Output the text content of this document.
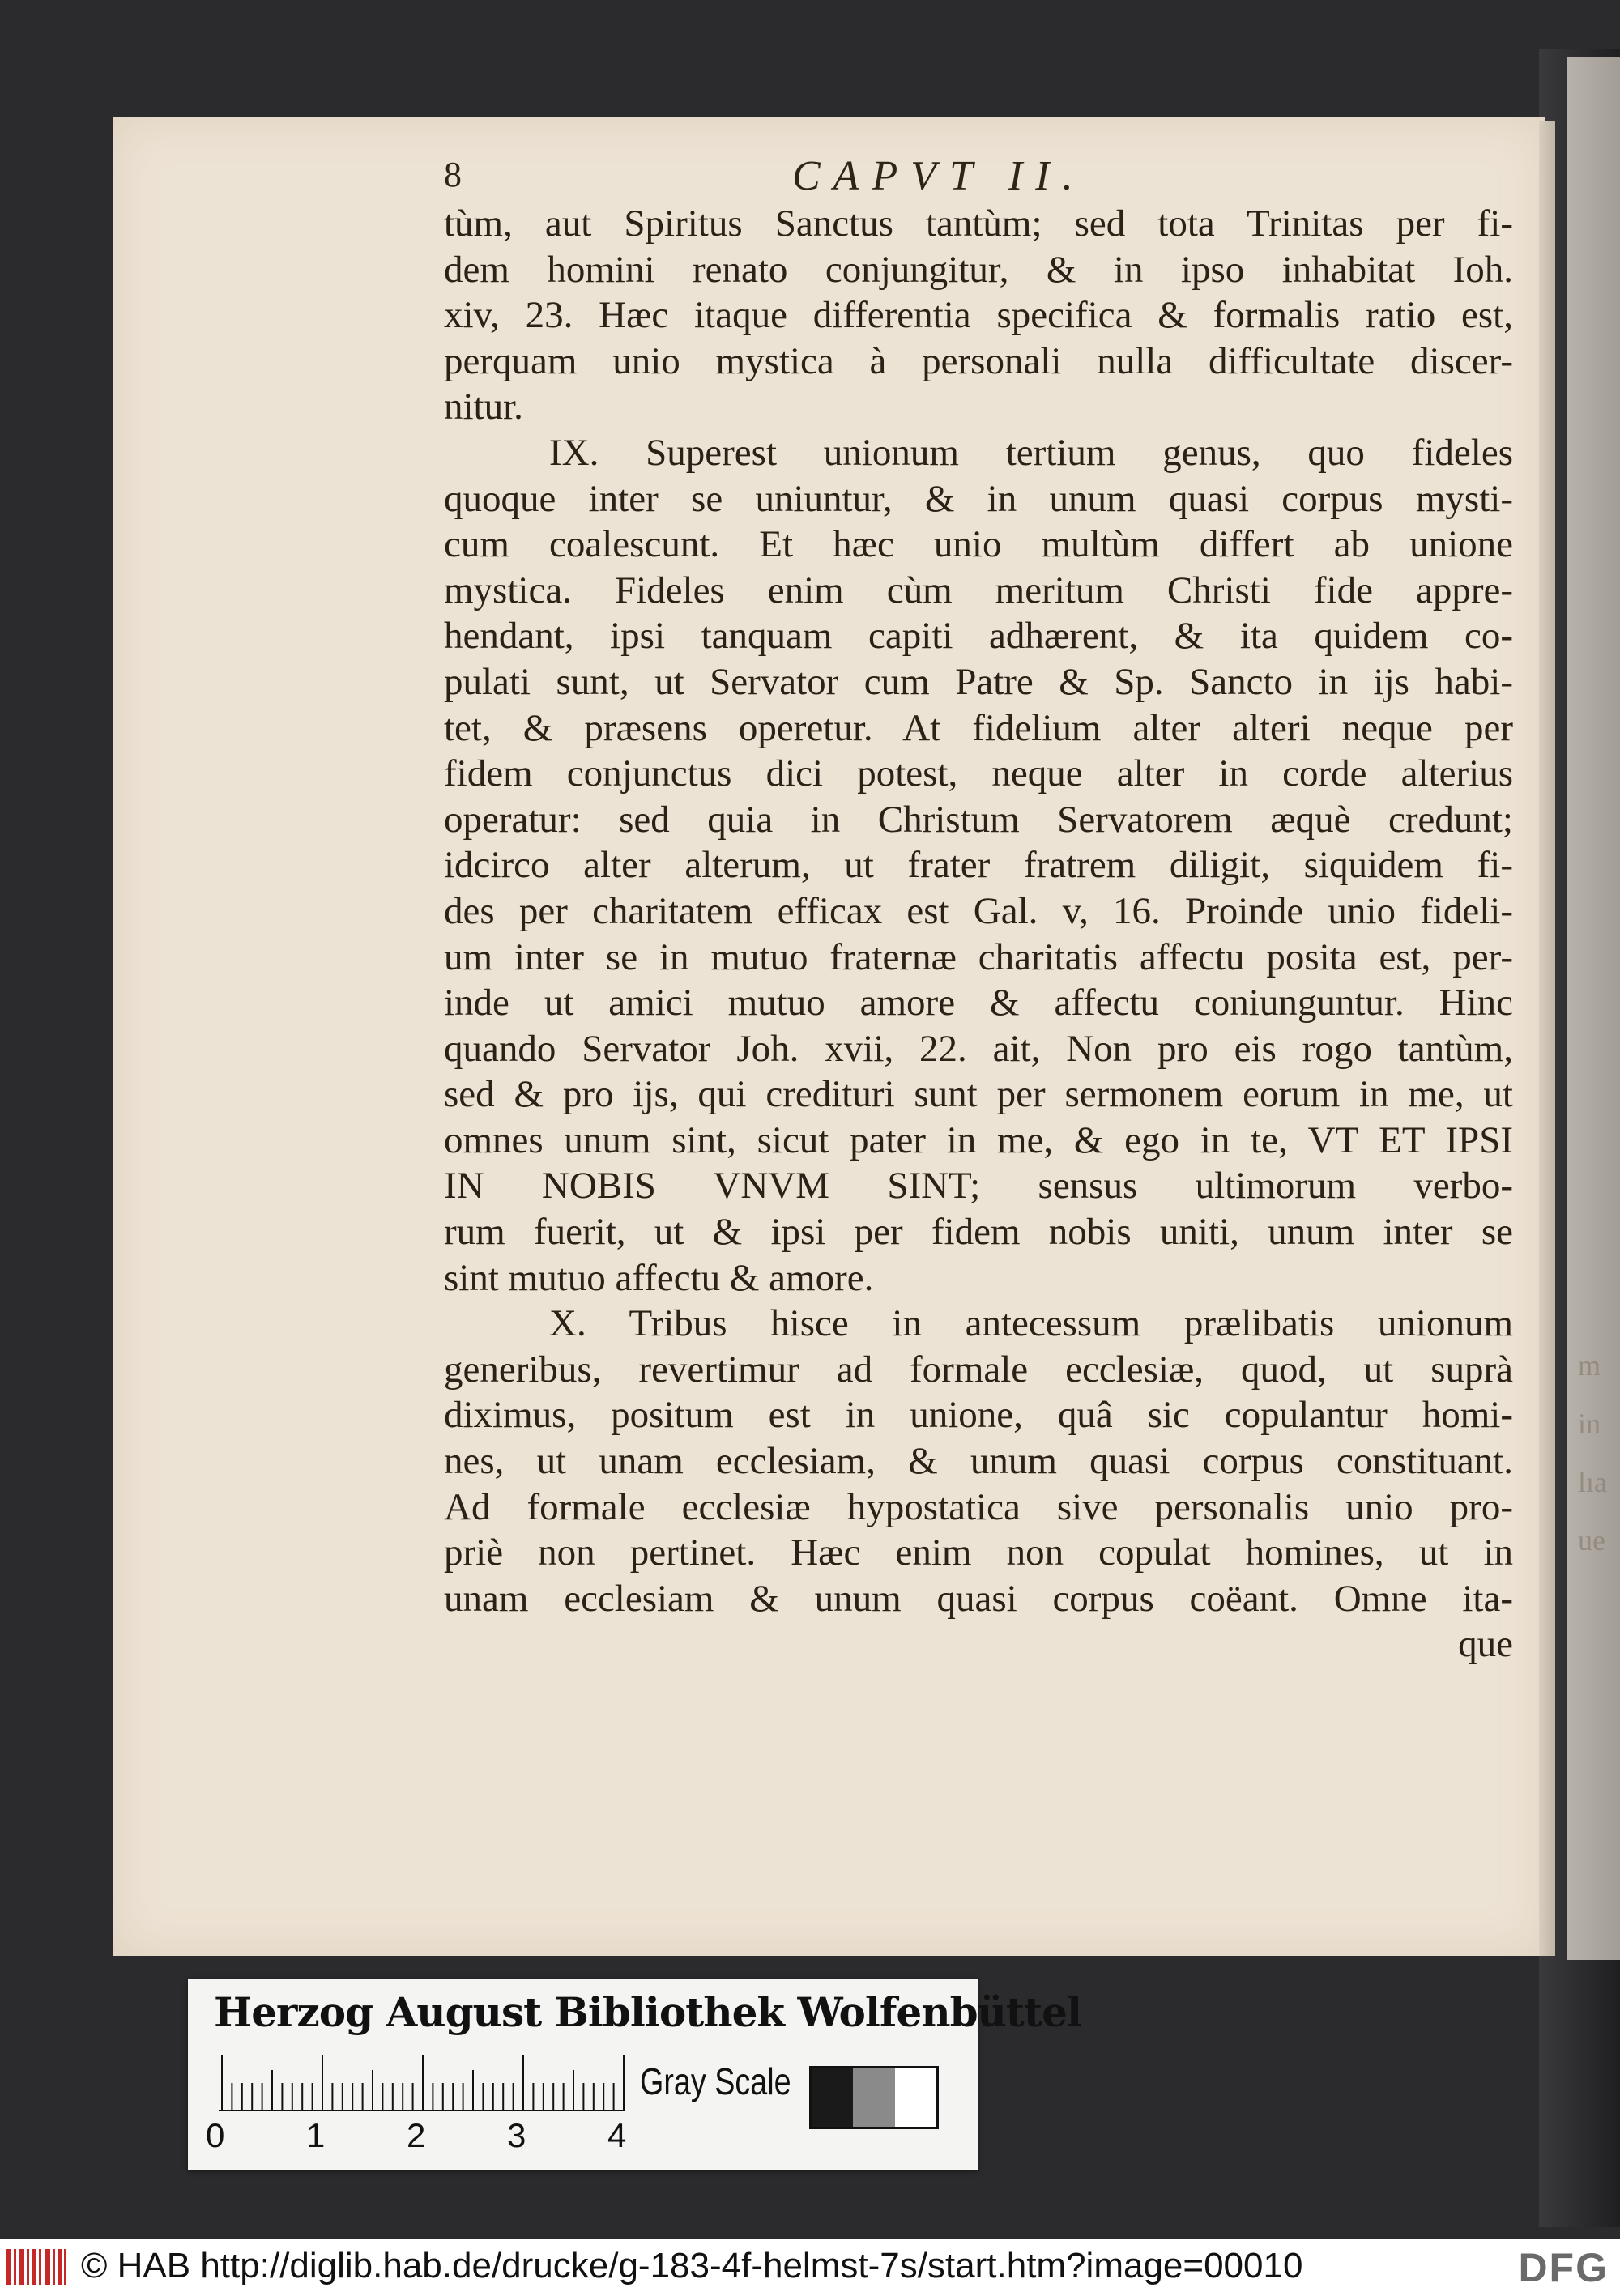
m
in
lıa
ue
8	CAPVT II.
tùm, aut Spiritus Sanctus tantùm; sed tota Trinitas per fi-
dem homini renato conjungitur, & in ipso inhabitat Ioh.
xiv, 23. Hæc itaque differentia specifica & formalis ratio est,
perquam unio mystica à personali nulla difficultate discer-
nitur.
IX. Superest unionum tertium genus, quo fideles
quoque inter se uniuntur, & in unum quasi corpus mysti-
cum coalescunt. Et hæc unio multùm differt ab unione
mystica. Fideles enim cùm meritum Christi fide appre-
hendant, ipsi tanquam capiti adhærent, & ita quidem co-
pulati sunt, ut Servator cum Patre & Sp. Sancto in ijs habi-
tet, & præsens operetur. At fidelium alter alteri neque per
fidem conjunctus dici potest, neque alter in corde alterius
operatur: sed quia in Christum Servatorem æquè credunt;
idcirco alter alterum, ut frater fratrem diligit, siquidem fi-
des per charitatem efficax est Gal. v, 16. Proinde unio fideli-
um inter se in mutuo fraternæ charitatis affectu posita est, per-
inde ut amici mutuo amore & affectu coniunguntur. Hinc
quando Servator Joh. xvii, 22. ait, Non pro eis rogo tantùm,
sed & pro ijs, qui credituri sunt per sermonem eorum in me, ut
omnes unum sint, sicut pater in me, & ego in te, VT ET IPSI
IN NOBIS VNVM SINT; sensus ultimorum verbo-
rum fuerit, ut & ipsi per fidem nobis uniti, unum inter se
sint mutuo affectu & amore.
X. Tribus hisce in antecessum prælibatis unionum
generibus, revertimur ad formale ecclesiæ, quod, ut suprà
diximus, positum est in unione, quâ sic copulantur homi-
nes, ut unam ecclesiam, & unum quasi corpus constituant.
Ad formale ecclesiæ hypostatica sive personalis unio pro-
priè non pertinet. Hæc enim non copulat homines, ut in
unam ecclesiam & unum quasi corpus coëant. Omne ita-
que
Herzog August Bibliothek Wolfenbüttel
0 1 2 3 4
Gray Scale
© HAB http://diglib.hab.de/drucke/g-183-4f-helmst-7s/start.htm?image=00010	DFG
